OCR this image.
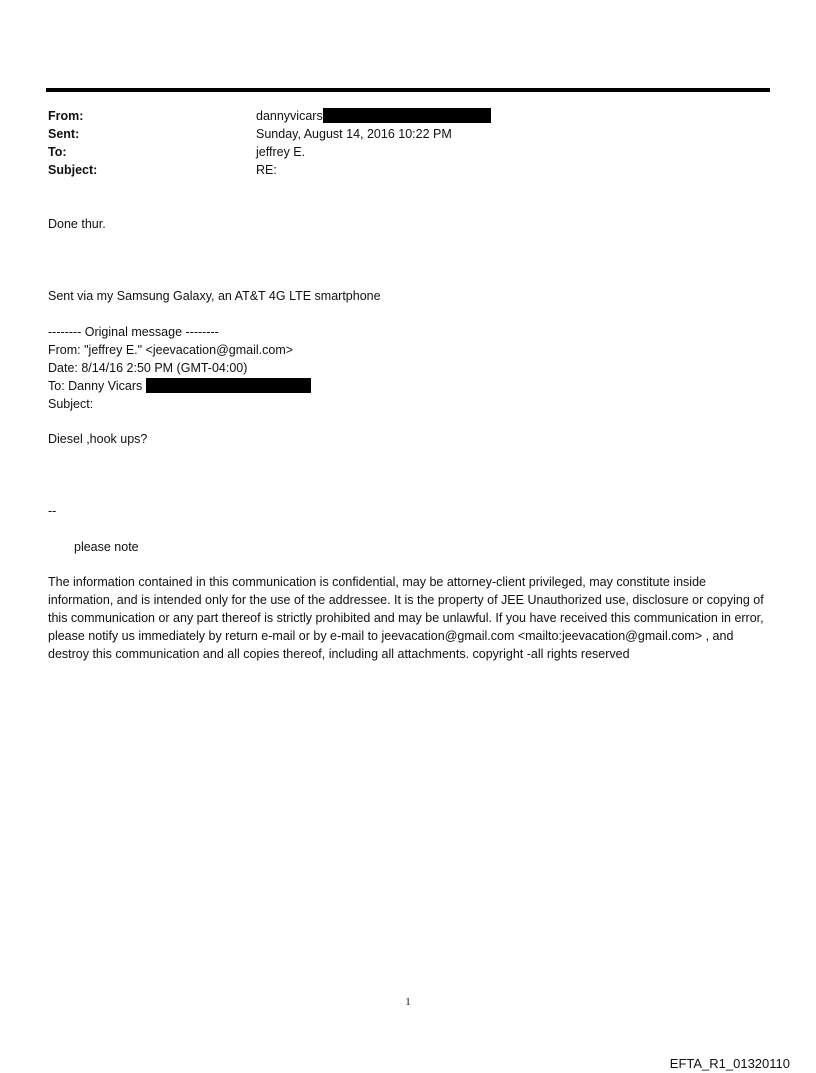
From:	dannyvicars
Sent:	Sunday, August 14, 2016 10:22 PM
To:	jeffrey E.
Subject:	RE:
Done thur.
Sent via my Samsung Galaxy, an AT&T 4G LTE smartphone
-------- Original message --------
From: "jeffrey E." <jeevacation@gmail.com>
Date: 8/14/16 2:50 PM (GMT-04:00)
To: Danny Vicars
Subject:
Diesel ,hook ups?
--
please note
The information contained in this communication is confidential, may be attorney-client privileged, may constitute inside information, and is intended only for the use of the addressee. It is the property of JEE Unauthorized use, disclosure or copying of this communication or any part thereof is strictly prohibited and may be unlawful. If you have received this communication in error, please notify us immediately by return e-mail or by e-mail to jeevacation@gmail.com <mailto:jeevacation@gmail.com> , and destroy this communication and all copies thereof, including all attachments. copyright -all rights reserved
1
EFTA_R1_01320110
